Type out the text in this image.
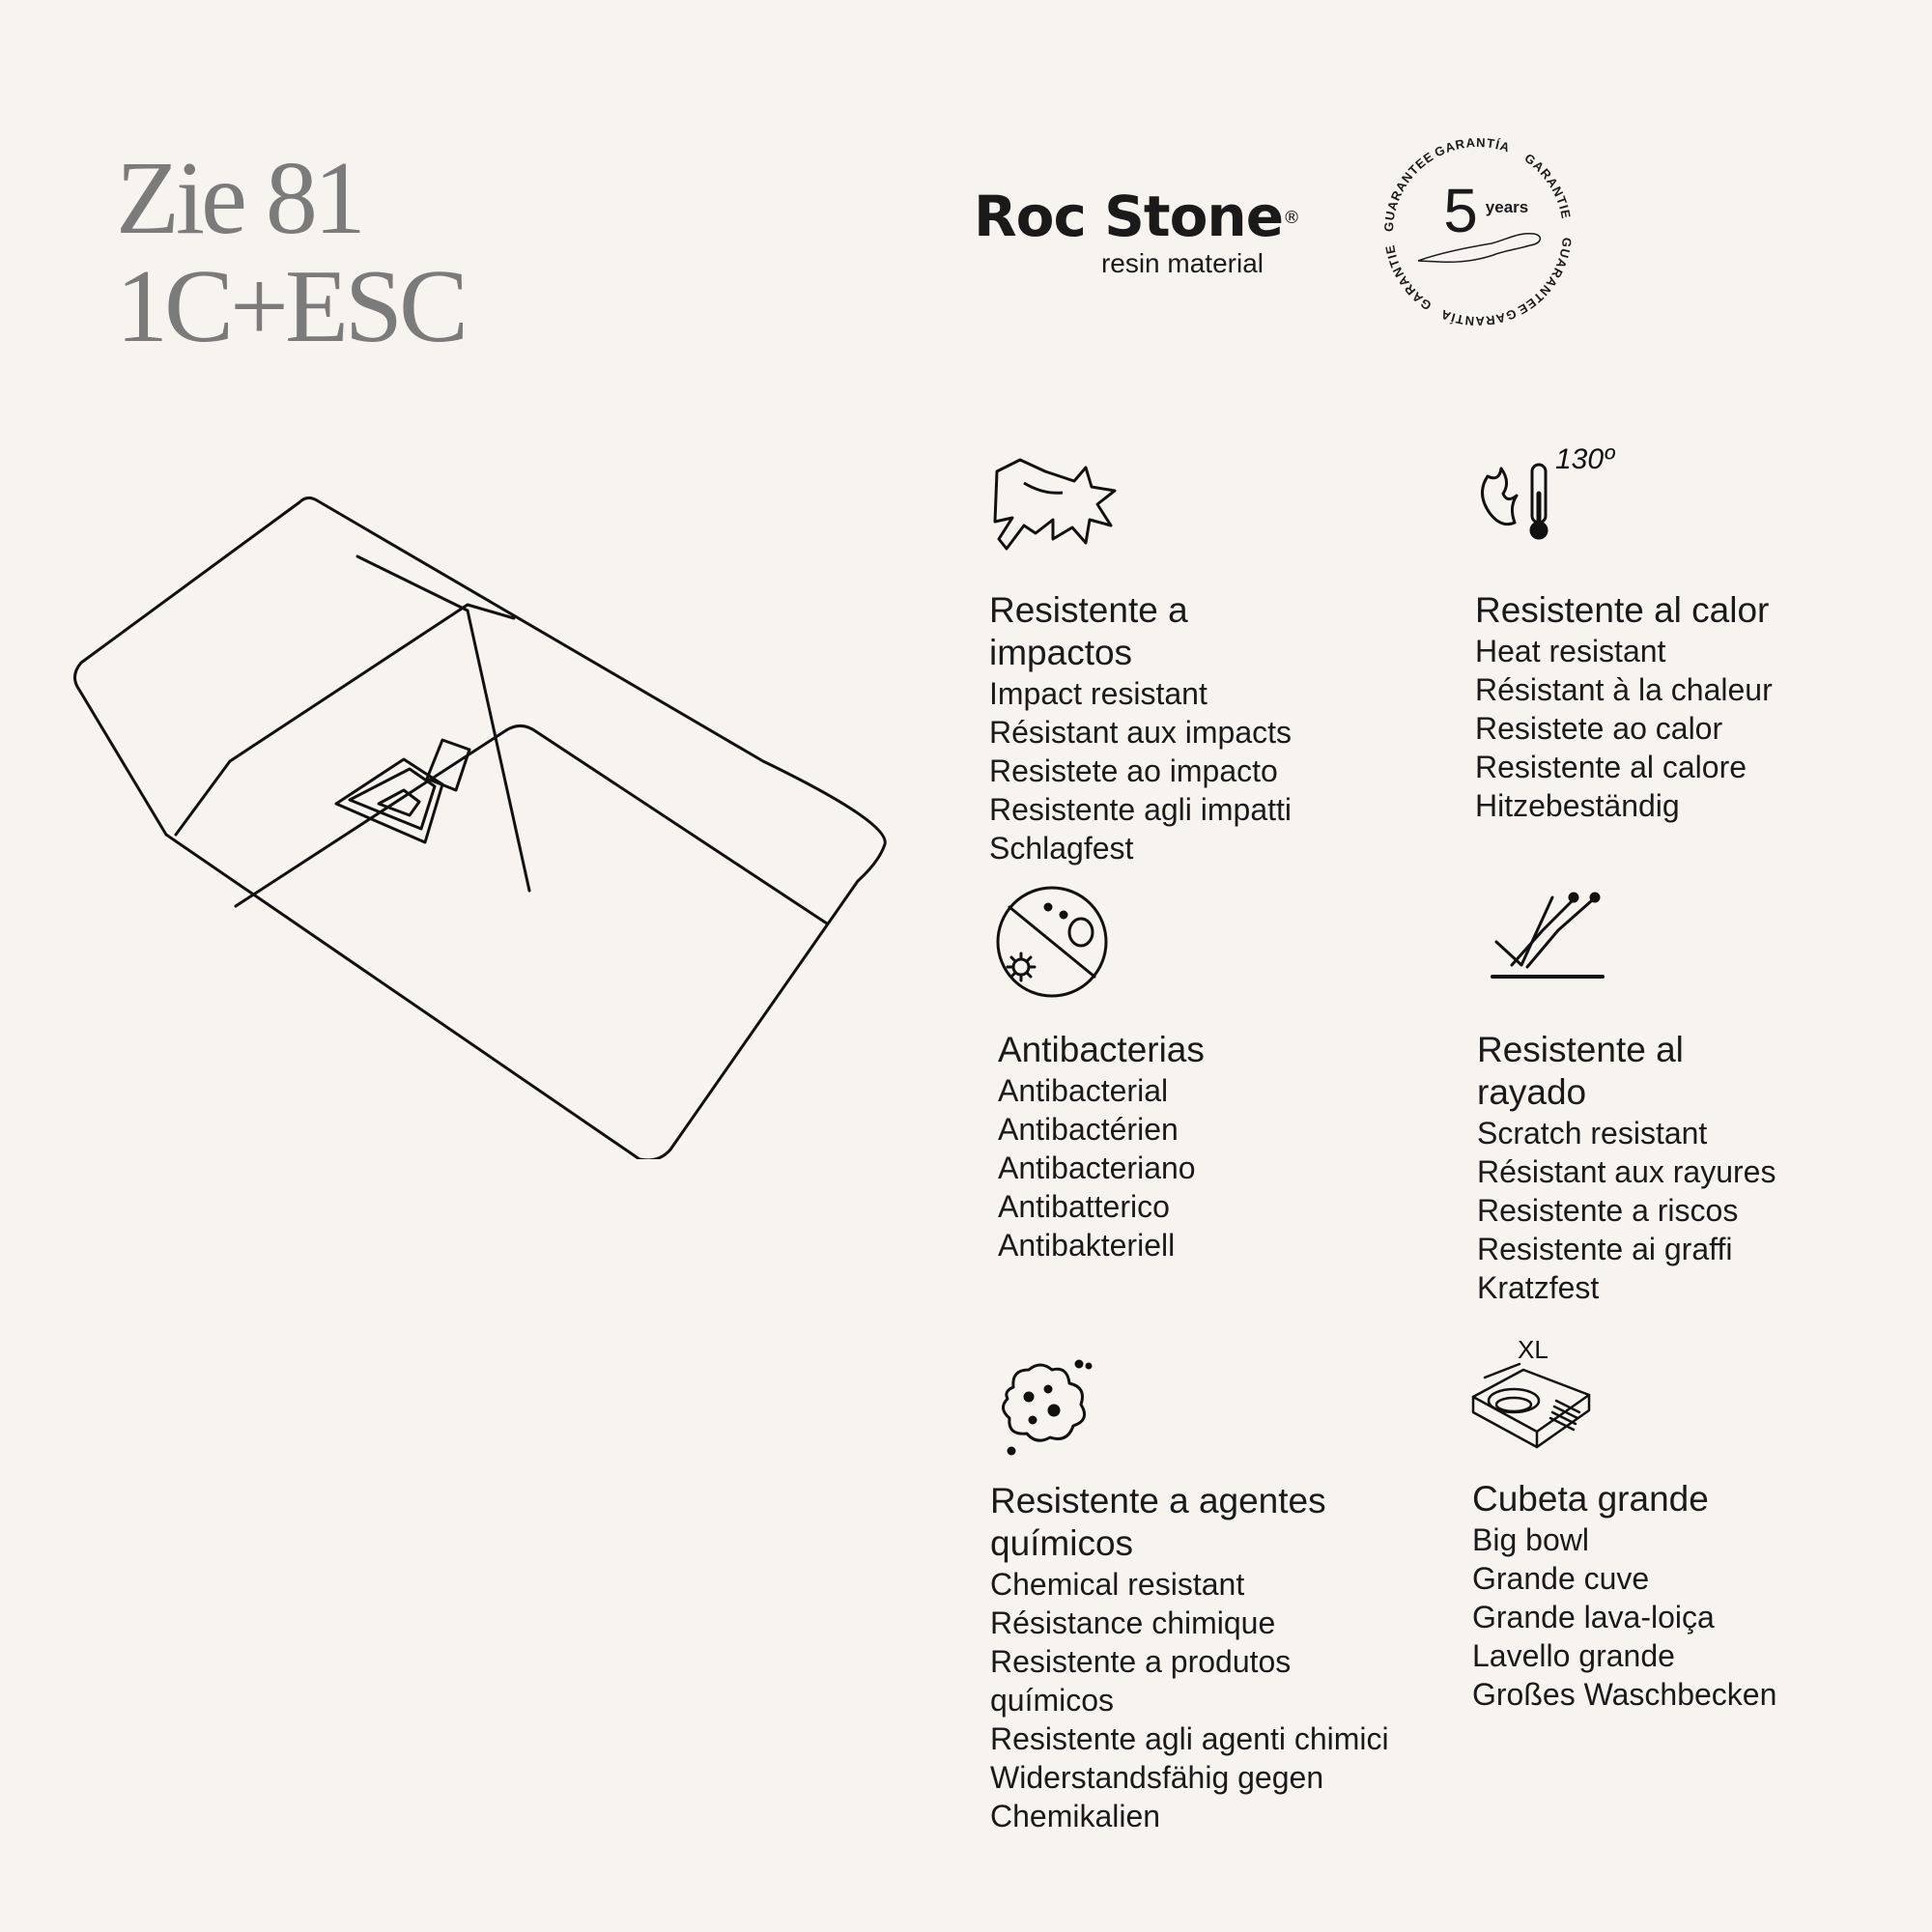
Zie 81
1C+ESC
Roc Stone®
resin material
GUARANTEE
GARANTÍA
GARANTIE
GUARANTEE
GARANTÍA
GARANTIE
5 years
Resistente a impactos
Impact resistant
Résistant aux impacts
Resistete ao impacto
Resistente agli impatti
Schlagfest
130º
Resistente al calor
Heat resistant
Résistant à la chaleur
Resistete ao calor
Resistente al calore
Hitzebeständig
Antibacterias
Antibacterial
Antibactérien
Antibacteriano
Antibatterico
Antibakteriell
Resistente al rayado
Scratch resistant
Résistant aux rayures
Resistente a riscos
Resistente ai graffi
Kratzfest
Resistente a agentes químicos
Chemical resistant
Résistance chimique
Resistente a produtos químicos
Resistente agli agenti chimici
Widerstandsfähig gegen Chemikalien
XL
Cubeta grande
Big bowl
Grande cuve
Grande lava-loiça
Lavello grande
Großes Waschbecken
